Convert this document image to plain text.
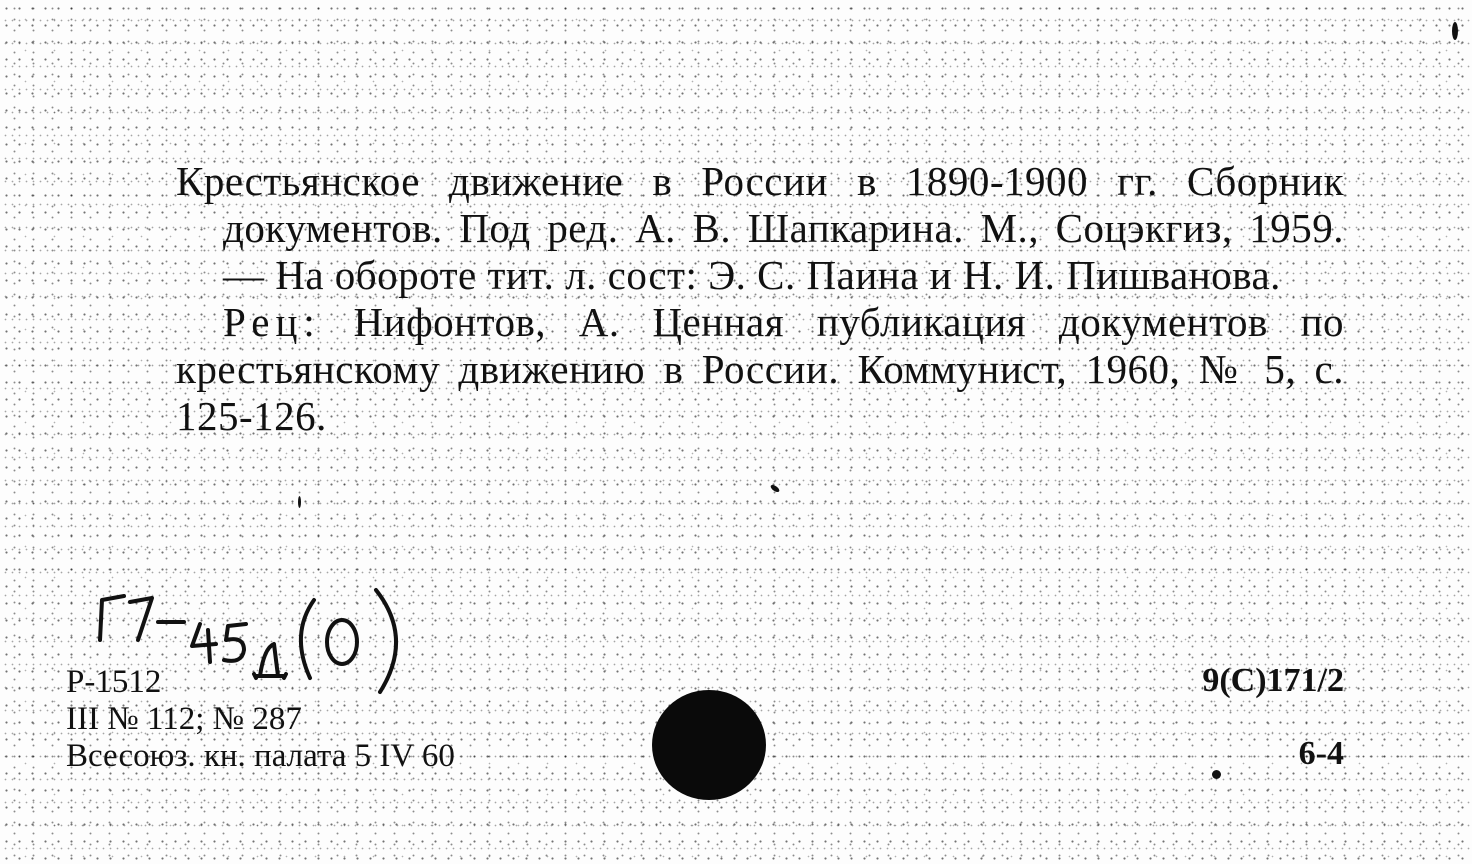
Крестьянское движение в России в 1890-1900 гг. Сборник документов. Под ред. А. В. Шапкарина. М., Соцэкгиз, 1959. — На обороте тит. л. сост: Э. С. Паина и Н. И. Пишванова.

Рец: Нифонтов, А. Ценная публикация документов по крестьянскому движению в России. Коммунист, 1960, № 5, с. 125-126.

Р-1512
III № 112; № 287
Всесоюз. кн. палата 5 IV 60
9(С)171/2
6-4
